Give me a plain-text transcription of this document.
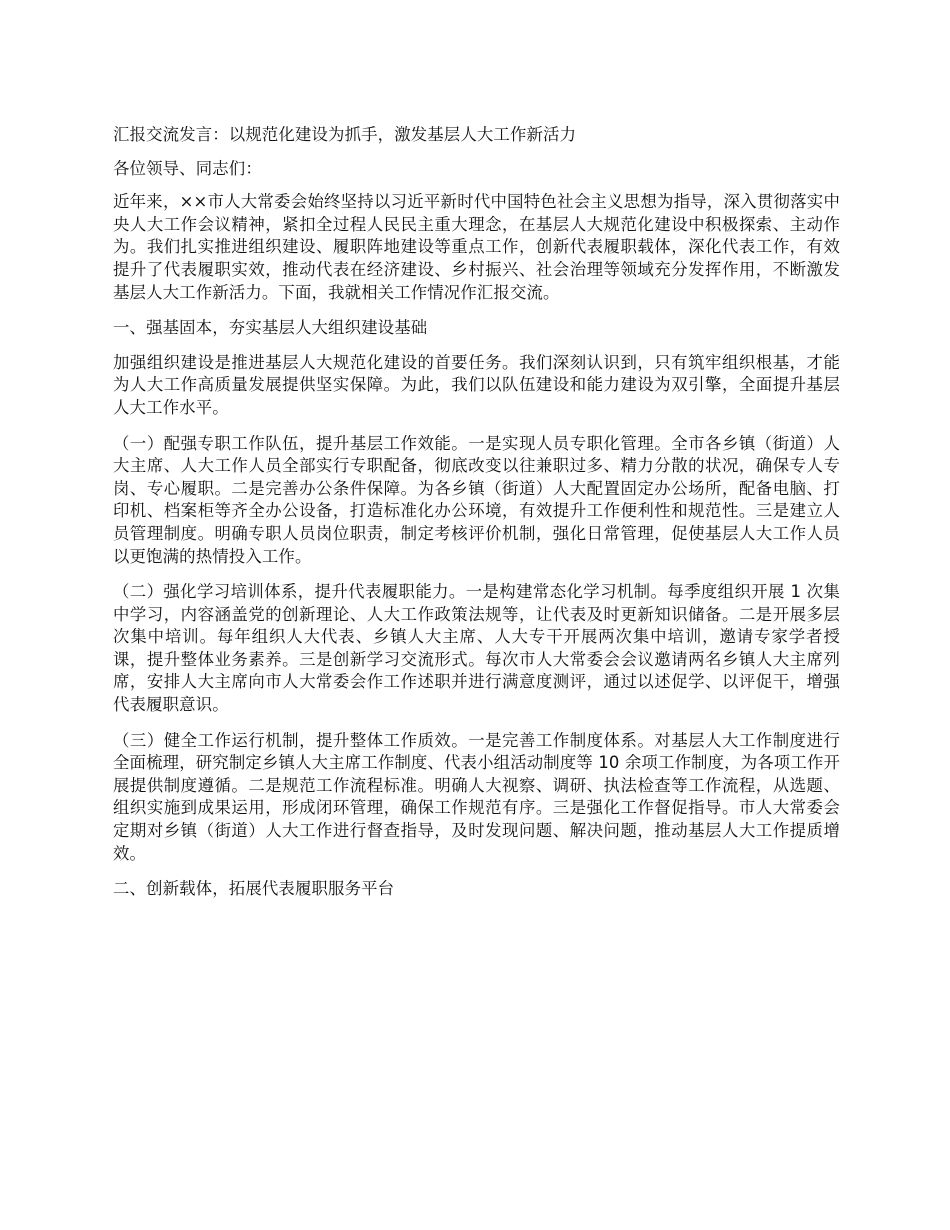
汇报交流发言：以规范化建设为抓手，激发基层人大工作新活力

各位领导、同志们：

近年来，××市人大常委会始终坚持以习近平新时代中国特色社会主义思想为指导，深入贯彻落实中央人大工作会议精神，紧扣全过程人民民主重大理念，在基层人大规范化建设中积极探索、主动作为。我们扎实推进组织建设、履职阵地建设等重点工作，创新代表履职载体，深化代表工作，有效提升了代表履职实效，推动代表在经济建设、乡村振兴、社会治理等领域充分发挥作用，不断激发基层人大工作新活力。下面，我就相关工作情况作汇报交流。

一、强基固本，夯实基层人大组织建设基础

加强组织建设是推进基层人大规范化建设的首要任务。我们深刻认识到，只有筑牢组织根基，才能为人大工作高质量发展提供坚实保障。为此，我们以队伍建设和能力建设为双引擎，全面提升基层人大工作水平。

（一）配强专职工作队伍，提升基层工作效能。一是实现人员专职化管理。全市各乡镇（街道）人大主席、人大工作人员全部实行专职配备，彻底改变以往兼职过多、精力分散的状况，确保专人专岗、专心履职。二是完善办公条件保障。为各乡镇（街道）人大配置固定办公场所，配备电脑、打印机、档案柜等齐全办公设备，打造标准化办公环境，有效提升工作便利性和规范性。三是建立人员管理制度。明确专职人员岗位职责，制定考核评价机制，强化日常管理，促使基层人大工作人员以更饱满的热情投入工作。

（二）强化学习培训体系，提升代表履职能力。一是构建常态化学习机制。每季度组织开展 1 次集中学习，内容涵盖党的创新理论、人大工作政策法规等，让代表及时更新知识储备。二是开展多层次集中培训。每年组织人大代表、乡镇人大主席、人大专干开展两次集中培训，邀请专家学者授课，提升整体业务素养。三是创新学习交流形式。每次市人大常委会会议邀请两名乡镇人大主席列席，安排人大主席向市人大常委会作工作述职并进行满意度测评，通过以述促学、以评促干，增强代表履职意识。

（三）健全工作运行机制，提升整体工作质效。一是完善工作制度体系。对基层人大工作制度进行全面梳理，研究制定乡镇人大主席工作制度、代表小组活动制度等 10 余项工作制度，为各项工作开展提供制度遵循。二是规范工作流程标准。明确人大视察、调研、执法检查等工作流程，从选题、组织实施到成果运用，形成闭环管理，确保工作规范有序。三是强化工作督促指导。市人大常委会定期对乡镇（街道）人大工作进行督查指导，及时发现问题、解决问题，推动基层人大工作提质增效。

二、创新载体，拓展代表履职服务平台
